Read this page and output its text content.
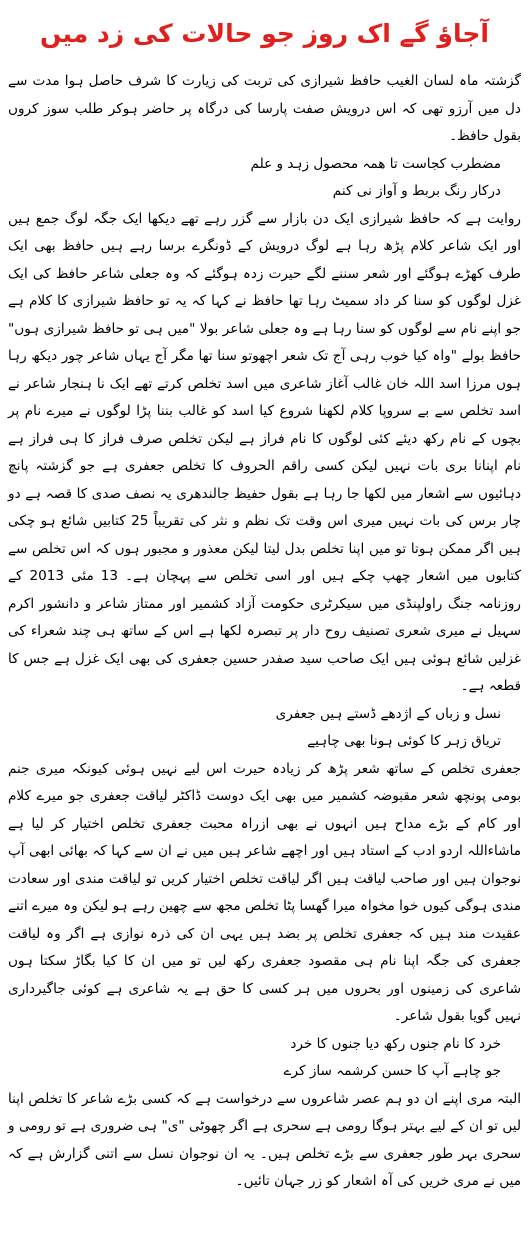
آجاؤ گے اک روز جو حالات کی زد میں

گزشتہ ماہ لسان الغیب حافظ شیرازی کی تربت کی زیارت کا شرف حاصل ہوا مدت سے دل میں آرزو تھی کہ اس درویش صفت پارسا کی درگاہ پر حاضر ہوکر طلب سوز کروں بقول حافظ۔

مضطرب کجاست تا ھمہ محصول زہد و علم

درکار رنگ بربط و آواز نی کنم

روایت ہے کہ حافظ شیرازی ایک دن بازار سے گزر رہے تھے دیکھا ایک جگہ لوگ جمع ہیں اور ایک شاعر کلام پڑھ رہا ہے لوگ درویش کے ڈونگرے برسا رہے ہیں حافظ بھی ایک طرف کھڑے ہوگئے اور شعر سننے لگے حیرت زدہ ہوگئے کہ وہ جعلی شاعر حافظ کی ایک غزل لوگوں کو سنا کر داد سمیٹ رہا تھا حافظ نے کہا کہ یہ تو حافظ شیرازی کا کلام ہے جو اپنے نام سے لوگوں کو سنا رہا ہے وہ جعلی شاعر بولا "میں ہی تو حافظ شیرازی ہوں" حافظ بولے "واہ کیا خوب رہی آج تک شعر اچھوتو سنا تھا مگر آج یہاں شاعر چور دیکھ رہا ہوں مرزا اسد اللہ خان غالب آغاز شاعری میں اسد تخلص کرتے تھے ایک نا ہنجار شاعر نے اسد تخلص سے بے سروپا کلام لکھنا شروع کیا اسد کو غالب بننا پڑا لوگوں نے میرے نام پر بچوں کے نام رکھ دیئے کئی لوگوں کا نام فراز ہے لیکن تخلص صرف فراز کا ہی فراز ہے نام اپنانا بری بات نہیں لیکن کسی راقم الحروف کا تخلص جعفری ہے جو گزشتہ پانچ دہائیوں سے اشعار میں لکھا جا رہا ہے بقول حفیظ جالندھری یہ نصف صدی کا قصہ ہے دو چار برس کی بات نہیں میری اس وقت تک نظم و نثر کی تقریباً 25 کتابیں شائع ہو چکی ہیں اگر ممکن ہوتا تو میں اپنا تخلص بدل لیتا لیکن معذور و مجبور ہوں کہ اس تخلص سے کتابوں میں اشعار چھپ چکے ہیں اور اسی تخلص سے پہچان ہے۔ 13 مئی 2013 کے روزنامہ جنگ راولپنڈی میں سیکرٹری حکومت آزاد کشمیر اور ممتاز شاعر و دانشور اکرم سہیل نے میری شعری تصنیف روح دار پر تبصرہ لکھا ہے اس کے ساتھ ہی چند شعراء کی غزلیں شائع ہوئی ہیں ایک صاحب سید صفدر حسین جعفری کی بھی ایک غزل ہے جس کا قطعہ ہے۔

نسل و زباں کے اژدھے ڈستے ہیں جعفری

تریاق زہر کا کوئی ہونا بھی چاہیے

جعفری تخلص کے ساتھ شعر پڑھ کر زیادہ حیرت اس لیے نہیں ہوئی کیونکہ میری جنم بومی پونچھ شعر مقبوضہ کشمیر میں بھی ایک دوست ڈاکٹر لیاقت جعفری جو میرے کلام اور کام کے بڑے مداح ہیں انہوں نے بھی ازراہ محبت جعفری تخلص اختیار کر لیا ہے ماشاءاللہ اردو ادب کے استاد ہیں اور اچھے شاعر ہیں میں نے ان سے کہا کہ بھائی ابھی آپ نوجوان ہیں اور صاحب لیاقت ہیں اگر لیاقت تخلص اختیار کریں تو لیاقت مندی اور سعادت مندی ہوگی کیوں خوا مخواہ میرا گھسا پٹا تخلص مجھ سے چھین رہے ہو لیکن وہ میرے اتنے عقیدت مند ہیں کہ جعفری تخلص پر بضد ہیں یہی ان کی ذرہ نوازی ہے اگر وہ لیاقت جعفری کی جگہ اپنا نام ہی مقصود جعفری رکھ لیں تو میں ان کا کیا بگاڑ سکتا ہوں شاعری کی زمینوں اور بحروں میں ہر کسی کا حق ہے یہ شاعری ہے کوئی جاگیرداری نہیں گویا بقول شاعر۔

خرد کا نام جنوں رکھ دیا جنوں کا خرد

جو چاہے آپ کا حسن کرشمہ ساز کرے

البتہ مری اپنے ان دو ہم عصر شاعروں سے درخواست ہے کہ کسی بڑے شاعر کا تخلص اپنا لیں تو ان کے لیے بہتر ہوگا رومی ہے سحری ہے اگر چھوٹی "ی" ہی ضروری ہے تو رومی و سحری بہر طور جعفری سے بڑے تخلص ہیں۔ یہ ان نوجوان نسل سے اتنی گزارش ہے کہ میں نے مری خریں کی آہ اشعار کو زر جہان تائیں۔
